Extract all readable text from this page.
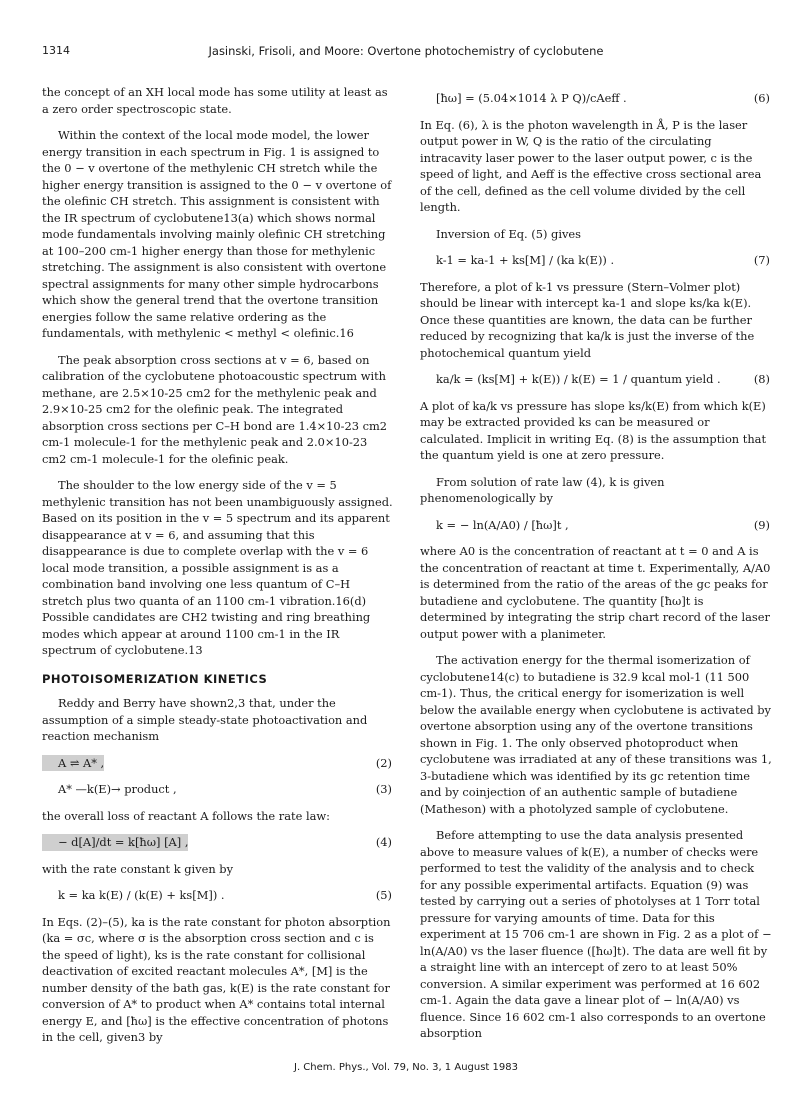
1314	Jasinski, Frisoli, and Moore: Overtone photochemistry of cyclobutene

the concept of an XH local mode has some utility at least as a zero order spectroscopic state.

Within the context of the local mode model, the lower energy transition in each spectrum in Fig. 1 is assigned to the 0 − v overtone of the methylenic CH stretch while the higher energy transition is assigned to the 0 − v overtone of the olefinic CH stretch. This assignment is consistent with the IR spectrum of cyclobutene13(a) which shows normal mode fundamentals involving mainly olefinic CH stretching at 100–200 cm-1 higher energy than those for methylenic stretching. The assignment is also consistent with overtone spectral assignments for many other simple hydrocarbons which show the general trend that the overtone transition energies follow the same relative ordering as the fundamentals, with methylenic < methyl < olefinic.16

The peak absorption cross sections at v = 6, based on calibration of the cyclobutene photoacoustic spectrum with methane, are 2.5×10-25 cm2 for the methylenic peak and 2.9×10-25 cm2 for the olefinic peak. The integrated absorption cross sections per C–H bond are 1.4×10-23 cm2 cm-1 molecule-1 for the methylenic peak and 2.0×10-23 cm2 cm-1 molecule-1 for the olefinic peak.

The shoulder to the low energy side of the v = 5 methylenic transition has not been unambiguously assigned. Based on its position in the v = 5 spectrum and its apparent disappearance at v = 6, and assuming that this disappearance is due to complete overlap with the v = 6 local mode transition, a possible assignment is as a combination band involving one less quantum of C–H stretch plus two quanta of an 1100 cm-1 vibration.16(d) Possible candidates are CH2 twisting and ring breathing modes which appear at around 1100 cm-1 in the IR spectrum of cyclobutene.13

PHOTOISOMERIZATION KINETICS

Reddy and Berry have shown2,3 that, under the assumption of a simple steady-state photoactivation and reaction mechanism

A ⇌ A* ,	(2)
A* —k(E)→ product ,	(3)

the overall loss of reactant A follows the rate law:

− d[A]/dt = k[ħω] [A] ,	(4)

with the rate constant k given by

k = ka k(E) / (k(E) + ks[M]) .	(5)

In Eqs. (2)–(5), ka is the rate constant for photon absorption (ka = σc, where σ is the absorption cross section and c is the speed of light), ks is the rate constant for collisional deactivation of excited reactant molecules A*, [M] is the number density of the bath gas, k(E) is the rate constant for conversion of A* to product when A* contains total internal energy E, and [ħω] is the effective concentration of photons in the cell, given3 by

[ħω] = (5.04×1014 λ P Q)/cAeff .	(6)

In Eq. (6), λ is the photon wavelength in Å, P is the laser output power in W, Q is the ratio of the circulating intracavity laser power to the laser output power, c is the speed of light, and Aeff is the effective cross sectional area of the cell, defined as the cell volume divided by the cell length.

Inversion of Eq. (5) gives

k-1 = ka-1 + ks[M] / (ka k(E)) .	(7)

Therefore, a plot of k-1 vs pressure (Stern–Volmer plot) should be linear with intercept ka-1 and slope ks/ka k(E). Once these quantities are known, the data can be further reduced by recognizing that ka/k is just the inverse of the photochemical quantum yield

ka/k = (ks[M] + k(E)) / k(E) = 1 / quantum yield .	(8)

A plot of ka/k vs pressure has slope ks/k(E) from which k(E) may be extracted provided ks can be measured or calculated. Implicit in writing Eq. (8) is the assumption that the quantum yield is one at zero pressure.

From solution of rate law (4), k is given phenomenologically by

k = − ln(A/A0) / [ħω]t ,	(9)

where A0 is the concentration of reactant at t = 0 and A is the concentration of reactant at time t. Experimentally, A/A0 is determined from the ratio of the areas of the gc peaks for butadiene and cyclobutene. The quantity [ħω]t is determined by integrating the strip chart record of the laser output power with a planimeter.

The activation energy for the thermal isomerization of cyclobutene14(c) to butadiene is 32.9 kcal mol-1 (11 500 cm-1). Thus, the critical energy for isomerization is well below the available energy when cyclobutene is activated by overtone absorption using any of the overtone transitions shown in Fig. 1. The only observed photoproduct when cyclobutene was irradiated at any of these transitions was 1, 3-butadiene which was identified by its gc retention time and by coinjection of an authentic sample of butadiene (Matheson) with a photolyzed sample of cyclobutene.

Before attempting to use the data analysis presented above to measure values of k(E), a number of checks were performed to test the validity of the analysis and to check for any possible experimental artifacts. Equation (9) was tested by carrying out a series of photolyses at 1 Torr total pressure for varying amounts of time. Data for this experiment at 15 706 cm-1 are shown in Fig. 2 as a plot of − ln(A/A0) vs the laser fluence ([ħω]t). The data are well fit by a straight line with an intercept of zero to at least 50% conversion. A similar experiment was performed at 16 602 cm-1. Again the data gave a linear plot of − ln(A/A0) vs fluence. Since 16 602 cm-1 also corresponds to an overtone absorption

J. Chem. Phys., Vol. 79, No. 3, 1 August 1983
